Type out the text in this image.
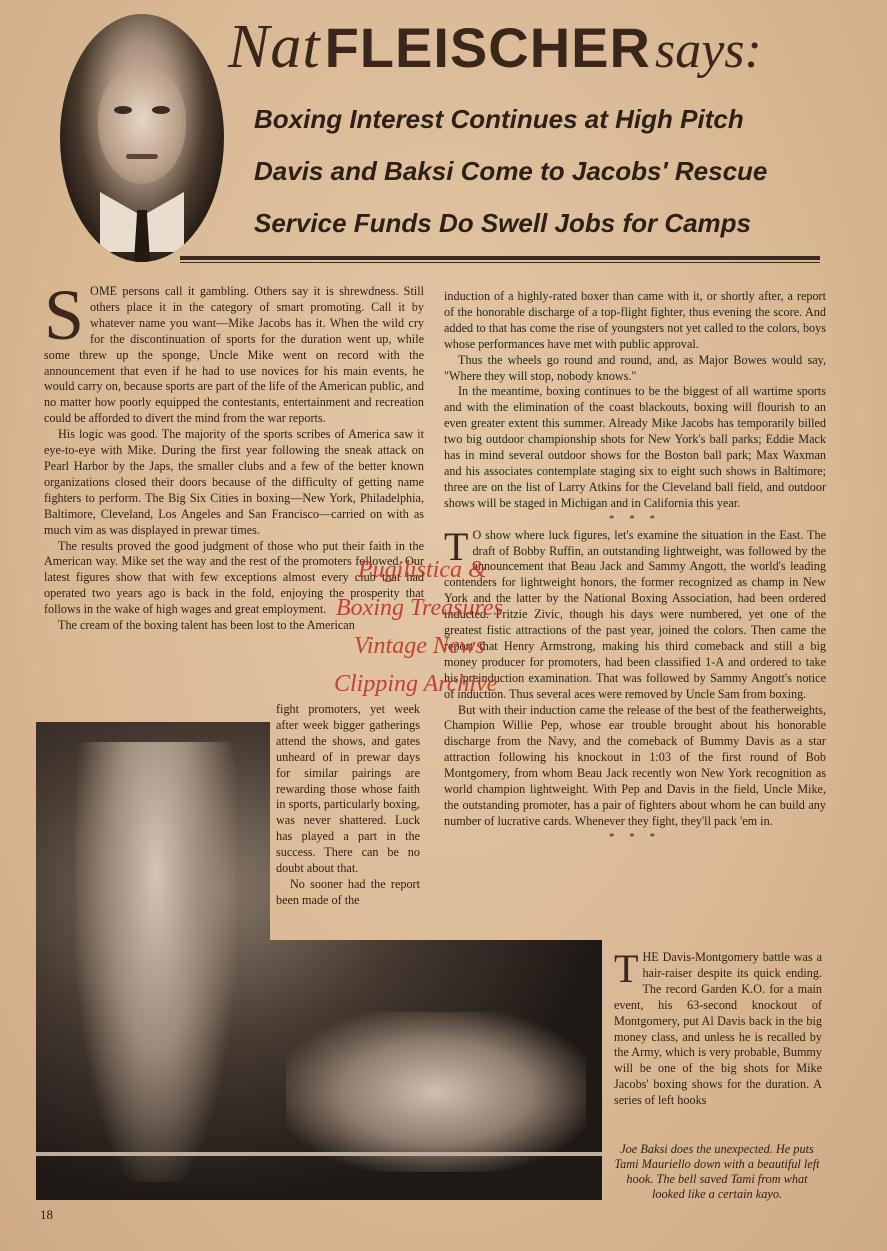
Nat FLEISCHER says:
Boxing Interest Continues at High Pitch
Davis and Baksi Come to Jacobs' Rescue
Service Funds Do Swell Jobs for Camps

S OME persons call it gambling. Others say it is shrewdness. Still others place it in the category of smart promoting. Call it by whatever name you want—Mike Jacobs has it. When the wild cry for the discontinuation of sports for the duration went up, while some threw up the sponge, Uncle Mike went on record with the announcement that even if he had to use novices for his main events, he would carry on, because sports are part of the life of the American public, and no matter how poorly equipped the contestants, entertainment and recreation could be afforded to divert the mind from the war reports.

His logic was good. The majority of the sports scribes of America saw it eye-to-eye with Mike. During the first year following the sneak attack on Pearl Harbor by the Japs, the smaller clubs and a few of the better known organizations closed their doors because of the difficulty of getting name fighters to perform. The Big Six Cities in boxing—New York, Philadelphia, Baltimore, Cleveland, Los Angeles and San Francisco—carried on with as much vim as was displayed in prewar times.

The results proved the good judgment of those who put their faith in the American way. Mike set the way and the rest of the promoters followed. Our latest figures show that with few exceptions almost every club that had operated two years ago is back in the fold, enjoying the prosperity that follows in the wake of high wages and great employment.

The cream of the boxing talent has been lost to the American

fight promoters, yet week after week bigger gatherings attend the shows, and gates unheard of in prewar days for similar pairings are rewarding those whose faith in sports, particularly boxing, was never shattered. Luck has played a part in the success. There can be no doubt about that.

No sooner had the report been made of the

induction of a highly-rated boxer than came with it, or shortly after, a report of the honorable discharge of a top-flight fighter, thus evening the score. And added to that has come the rise of youngsters not yet called to the colors, boys whose performances have met with public approval.

Thus the wheels go round and round, and, as Major Bowes would say, "Where they will stop, nobody knows."

In the meantime, boxing continues to be the biggest of all wartime sports and with the elimination of the coast blackouts, boxing will flourish to an even greater extent this summer. Already Mike Jacobs has temporarily billed two big outdoor championship shots for New York's ball parks; Eddie Mack has in mind several outdoor shows for the Boston ball park; Max Waxman and his associates contemplate staging six to eight such shows in Baltimore; three are on the list of Larry Atkins for the Cleveland ball field, and outdoor shows will be staged in Michigan and in California this year.

* * *

T O show where luck figures, let's examine the situation in the East. The draft of Bobby Ruffin, an outstanding lightweight, was followed by the announcement that Beau Jack and Sammy Angott, the world's leading contenders for lightweight honors, the former recognized as champ in New York and the latter by the National Boxing Association, had been ordered inducted. Fritzie Zivic, though his days were numbered, yet one of the greatest fistic attractions of the past year, joined the colors. Then came the report that Henry Armstrong, making his third comeback and still a big money producer for promoters, had been classified 1-A and ordered to take his preinduction examination. That was followed by Sammy Angott's notice of induction. Thus several aces were removed by Uncle Sam from boxing.

But with their induction came the release of the best of the featherweights, Champion Willie Pep, whose ear trouble brought about his honorable discharge from the Navy, and the comeback of Bummy Davis as a star attraction following his knockout in 1:03 of the first round of Bob Montgomery, from whom Beau Jack recently won New York recognition as world champion lightweight. With Pep and Davis in the field, Uncle Mike, the outstanding promoter, has a pair of fighters about whom he can build any number of lucrative cards. Whenever they fight, they'll pack 'em in.

* * *

T HE Davis-Montgomery battle was a hair-raiser despite its quick ending. The record Garden K.O. for a main event, his 63-second knockout of Montgomery, put Al Davis back in the big money class, and unless he is recalled by the Army, which is very probable, Bummy will be one of the big shots for Mike Jacobs' boxing shows for the duration. A series of left hooks

Joe Baksi does the unexpected. He puts Tami Mauriello down with a beautiful left hook. The bell saved Tami from what looked like a certain kayo.
Pugilistica &
Boxing Treasures
Vintage News
Clipping Archive
18
